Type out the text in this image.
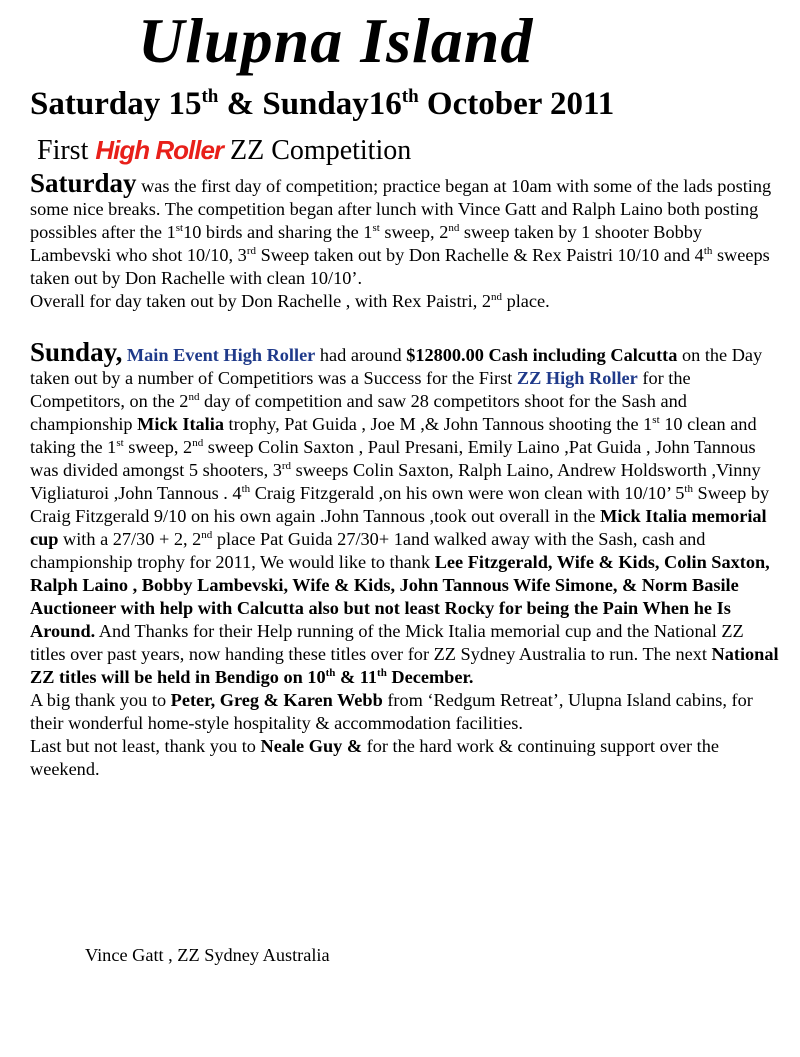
Ulupna Island
Saturday 15th & Sunday16th October 2011
First High Roller ZZ Competition

Saturday was the first day of competition; practice began at 10am with some of the lads posting some nice breaks. The competition began after lunch with Vince Gatt and Ralph Laino both posting possibles after the 1st10 birds and sharing the 1st sweep, 2nd sweep taken by 1 shooter Bobby Lambevski who shot 10/10, 3rd Sweep taken out by Don Rachelle & Rex Paistri 10/10 and 4th sweeps taken out by Don Rachelle with clean 10/10’.

Overall for day taken out by Don Rachelle , with Rex Paistri, 2nd place.

Sunday, Main Event High Roller had around $12800.00 Cash including Calcutta on the Day taken out by a number of Competitiors was a Success for the First ZZ High Roller for the Competitors, on the 2nd day of competition and saw 28 competitors shoot for the Sash and championship Mick Italia trophy, Pat Guida , Joe M ,& John Tannous shooting the 1st 10 clean and taking the 1st sweep, 2nd sweep Colin Saxton , Paul Presani, Emily Laino ,Pat Guida , John Tannous was divided amongst 5 shooters, 3rd sweeps Colin Saxton, Ralph Laino, Andrew Holdsworth ,Vinny Vigliaturoi ,John Tannous . 4th Craig Fitzgerald ,on his own were won clean with 10/10’ 5th Sweep by Craig Fitzgerald 9/10 on his own again .John Tannous ,took out overall in the Mick Italia memorial cup with a 27/30 + 2, 2nd place Pat Guida 27/30+ 1and walked away with the Sash, cash and championship trophy for 2011, We would like to thank Lee Fitzgerald, Wife & Kids, Colin Saxton, Ralph Laino , Bobby Lambevski, Wife & Kids, John Tannous Wife Simone, & Norm Basile Auctioneer with help with Calcutta also but not least Rocky for being the Pain When he Is Around. And Thanks for their Help running of the Mick Italia memorial cup and the National ZZ titles over past years, now handing these titles over for ZZ Sydney Australia to run. The next National ZZ titles will be held in Bendigo on 10th & 11th December.

A big thank you to Peter, Greg & Karen Webb from ‘Redgum Retreat’, Ulupna Island cabins, for their wonderful home-style hospitality & accommodation facilities.

Last but not least, thank you to Neale Guy & for the hard work & continuing support over the weekend.

Vince Gatt , ZZ Sydney Australia
